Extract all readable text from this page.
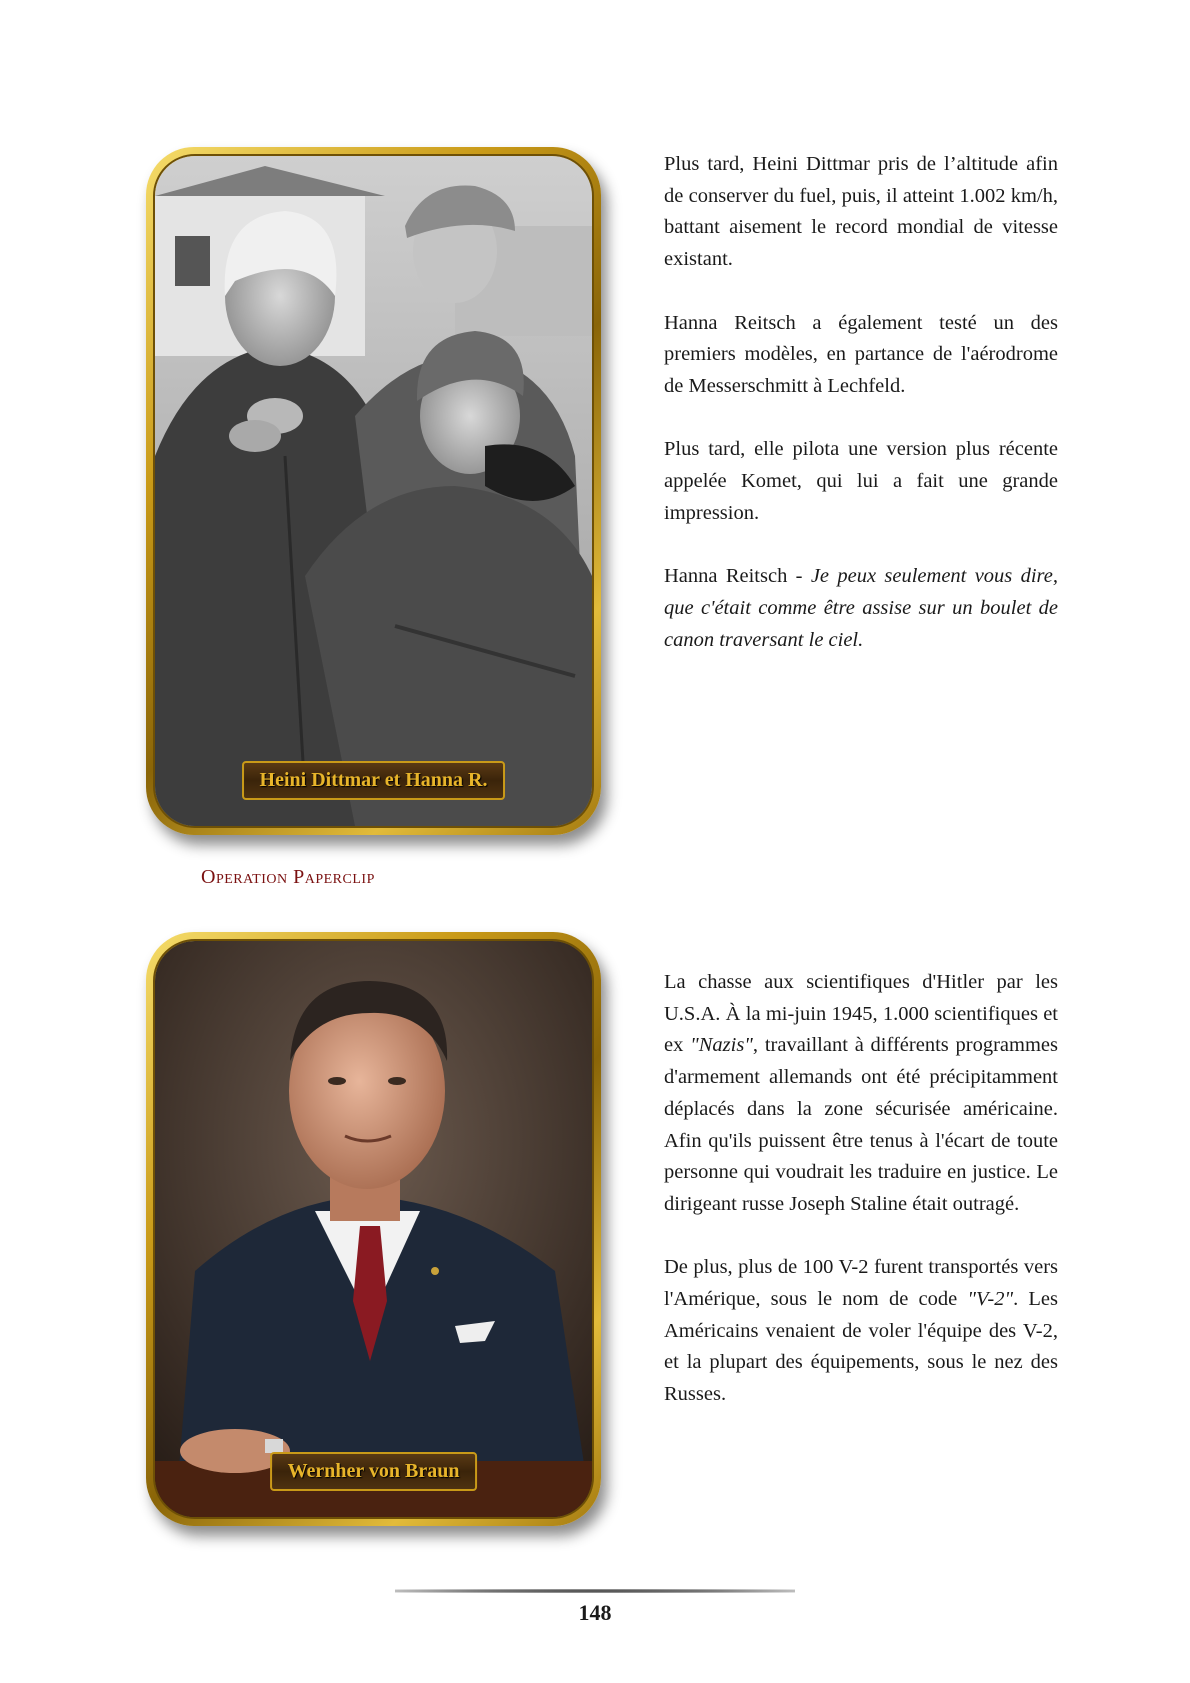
Heini Dittmar et Hanna R.

Plus tard, Heini Dittmar pris de l’altitude afin de conserver du fuel, puis, il atteint 1.002 km/h, battant aisement le record mondial de vitesse existant.

Hanna Reitsch a également testé un des premiers modèles, en partance de l'aérodrome de Messerschmitt à Lechfeld.

Plus tard, elle pilota une version plus récente appelée Komet, qui lui a fait une grande impression.

Hanna Reitsch - Je peux seulement vous dire, que c'était comme être assise sur un boulet de canon traversant le ciel.

Operation Paperclip
Wernher von Braun

La chasse aux scientifiques d'Hitler par les U.S.A. À la mi-juin 1945, 1.000 scientifiques et ex "Nazis", travaillant à différents programmes d'armement allemands ont été précipitamment déplacés dans la zone sécurisée américaine. Afin qu'ils puissent être tenus à l'écart de toute personne qui voudrait les traduire en justice. Le dirigeant russe Joseph Staline était outragé.

De plus, plus de 100 V-2 furent transportés vers l'Amérique, sous le nom de code "V-2". Les Américains venaient de voler l'équipe des V-2, et la plupart des équipements, sous le nez des Russes.

148
